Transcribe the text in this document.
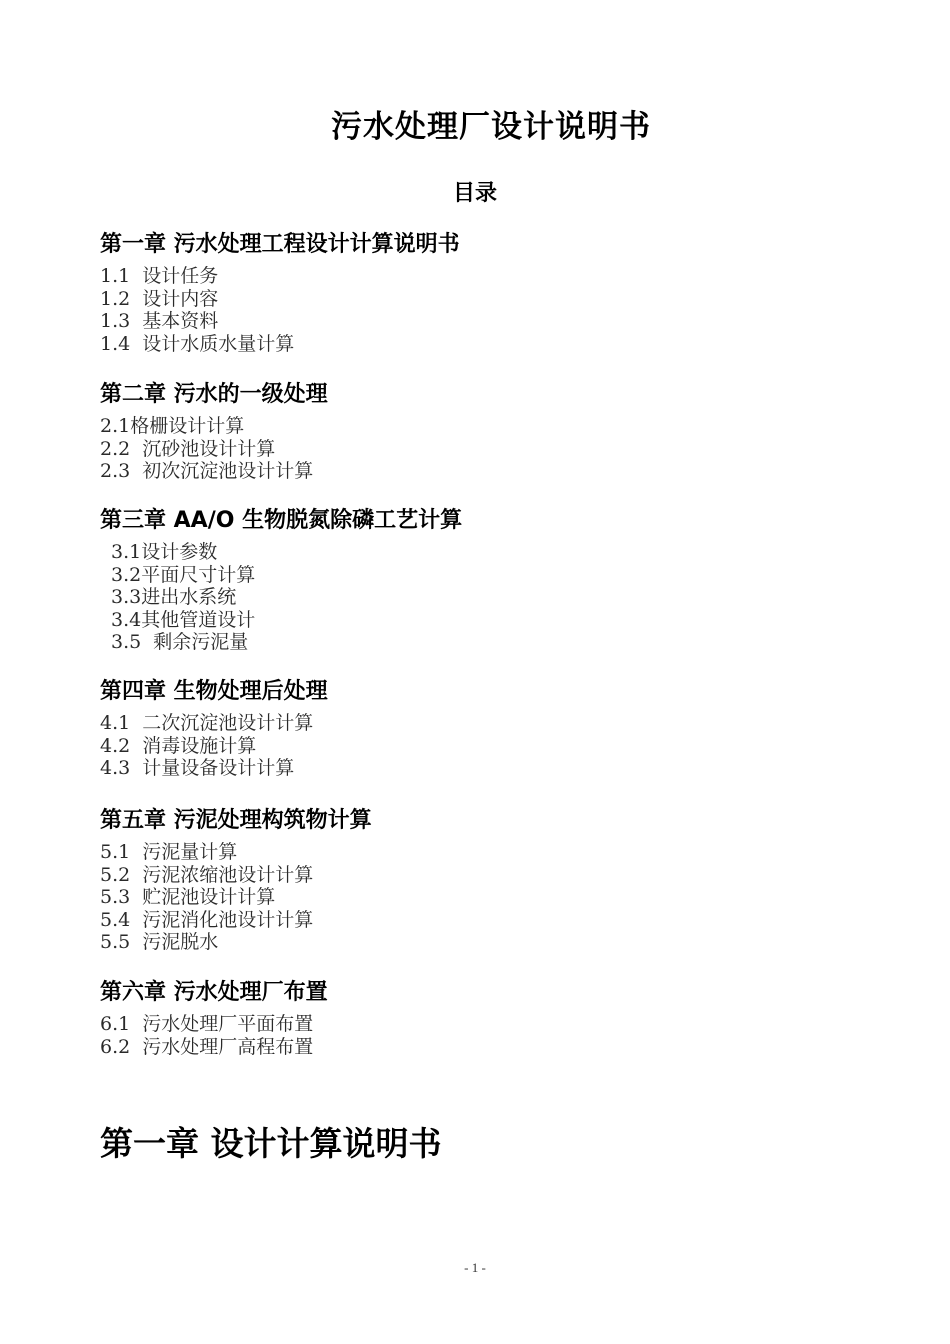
污水处理厂设计说明书
目录
第一章 污水处理工程设计计算说明书
1.1  设计任务
1.2  设计内容
1.3  基本资料
1.4  设计水质水量计算
第二章 污水的一级处理
2.1格栅设计计算
2.2  沉砂池设计计算
2.3  初次沉淀池设计计算
第三章 AA/O 生物脱氮除磷工艺计算
3.1设计参数
3.2平面尺寸计算
3.3进出水系统
3.4其他管道设计
3.5  剩余污泥量
第四章 生物处理后处理
4.1  二次沉淀池设计计算
4.2  消毒设施计算
4.3  计量设备设计计算
第五章 污泥处理构筑物计算
5.1  污泥量计算
5.2  污泥浓缩池设计计算
5.3  贮泥池设计计算
5.4  污泥消化池设计计算
5.5  污泥脱水
第六章 污水处理厂布置
6.1  污水处理厂平面布置
6.2  污水处理厂高程布置
第一章 设计计算说明书
- 1 -
